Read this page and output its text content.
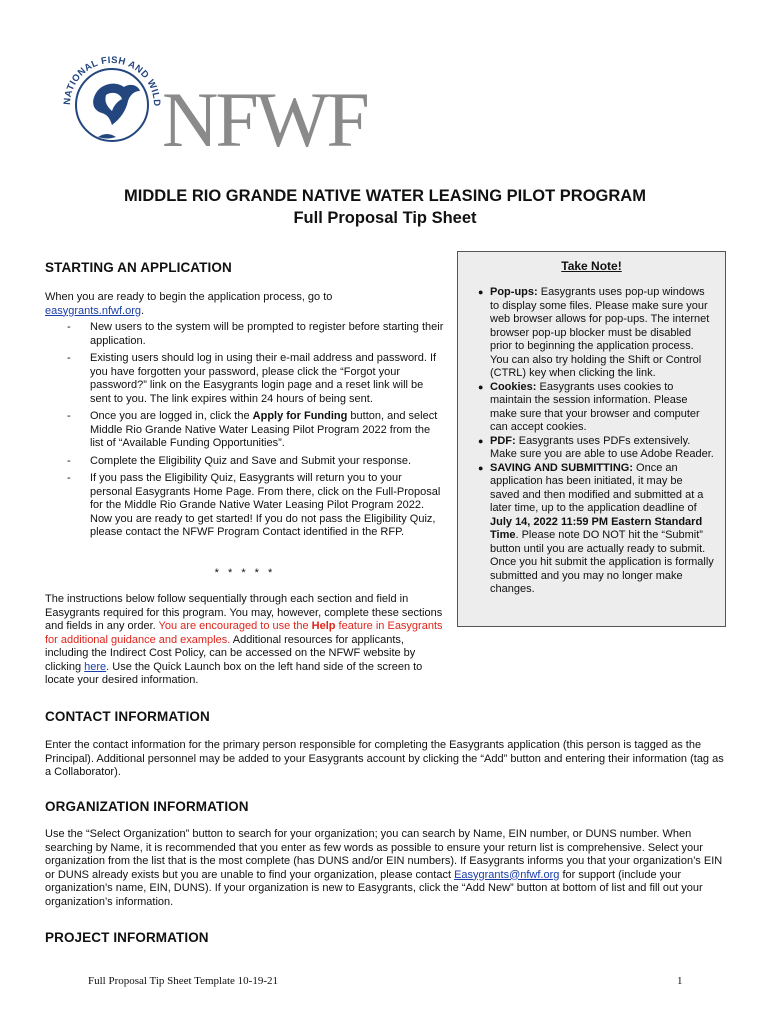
NATIONAL FISH AND WILD NFWF
MIDDLE RIO GRANDE NATIVE WATER LEASING PILOT PROGRAM
Full Proposal Tip Sheet
STARTING AN APPLICATION
When you are ready to begin the application process, go to
easygrants.nfwf.org.
- New users to the system will be prompted to register before starting their application.
- Existing users should log in using their e-mail address and password. If you have forgotten your password, please click the “Forgot your password?” link on the Easygrants login page and a reset link will be sent to you. The link expires within 24 hours of being sent.
- Once you are logged in, click the Apply for Funding button, and select Middle Rio Grande Native Water Leasing Pilot Program 2022 from the list of “Available Funding Opportunities”.
- Complete the Eligibility Quiz and Save and Submit your response.
- If you pass the Eligibility Quiz, Easygrants will return you to your personal Easygrants Home Page. From there, click on the Full-Proposal for the Middle Rio Grande Native Water Leasing Pilot Program 2022. Now you are ready to get started! If you do not pass the Eligibility Quiz, please contact the NFWF Program Contact identified in the RFP.
* * * * *
The instructions below follow sequentially through each section and field in Easygrants required for this program. You may, however, complete these sections and fields in any order. You are encouraged to use the Help feature in Easygrants for additional guidance and examples. Additional resources for applicants, including the Indirect Cost Policy, can be accessed on the NFWF website by clicking here. Use the Quick Launch box on the left hand side of the screen to locate your desired information.
Take Note!
● Pop-ups: Easygrants uses pop-up windows to display some files. Please make sure your web browser allows for pop-ups. The internet browser pop-up blocker must be disabled prior to beginning the application process. You can also try holding the Shift or Control (CTRL) key when clicking the link.
● Cookies: Easygrants uses cookies to maintain the session information. Please make sure that your browser and computer can accept cookies.
● PDF: Easygrants uses PDFs extensively. Make sure you are able to use Adobe Reader.
● SAVING AND SUBMITTING: Once an application has been initiated, it may be saved and then modified and submitted at a later time, up to the application deadline of July 14, 2022 11:59 PM Eastern Standard Time. Please note DO NOT hit the “Submit” button until you are actually ready to submit. Once you hit submit the application is formally submitted and you may no longer make changes.
CONTACT INFORMATION
Enter the contact information for the primary person responsible for completing the Easygrants application (this person is tagged as the Principal). Additional personnel may be added to your Easygrants account by clicking the “Add” button and entering their information (tag as a Collaborator).
ORGANIZATION INFORMATION
Use the “Select Organization” button to search for your organization; you can search by Name, EIN number, or DUNS number. When searching by Name, it is recommended that you enter as few words as possible to ensure your return list is comprehensive. Select your organization from the list that is the most complete (has DUNS and/or EIN numbers). If Easygrants informs you that your organization’s EIN or DUNS already exists but you are unable to find your organization, please contact Easygrants@nfwf.org for support (include your organization’s name, EIN, DUNS). If your organization is new to Easygrants, click the “Add New” button at bottom of list and fill out your organization’s information.
PROJECT INFORMATION
Full Proposal Tip Sheet Template 10-19-21	1
